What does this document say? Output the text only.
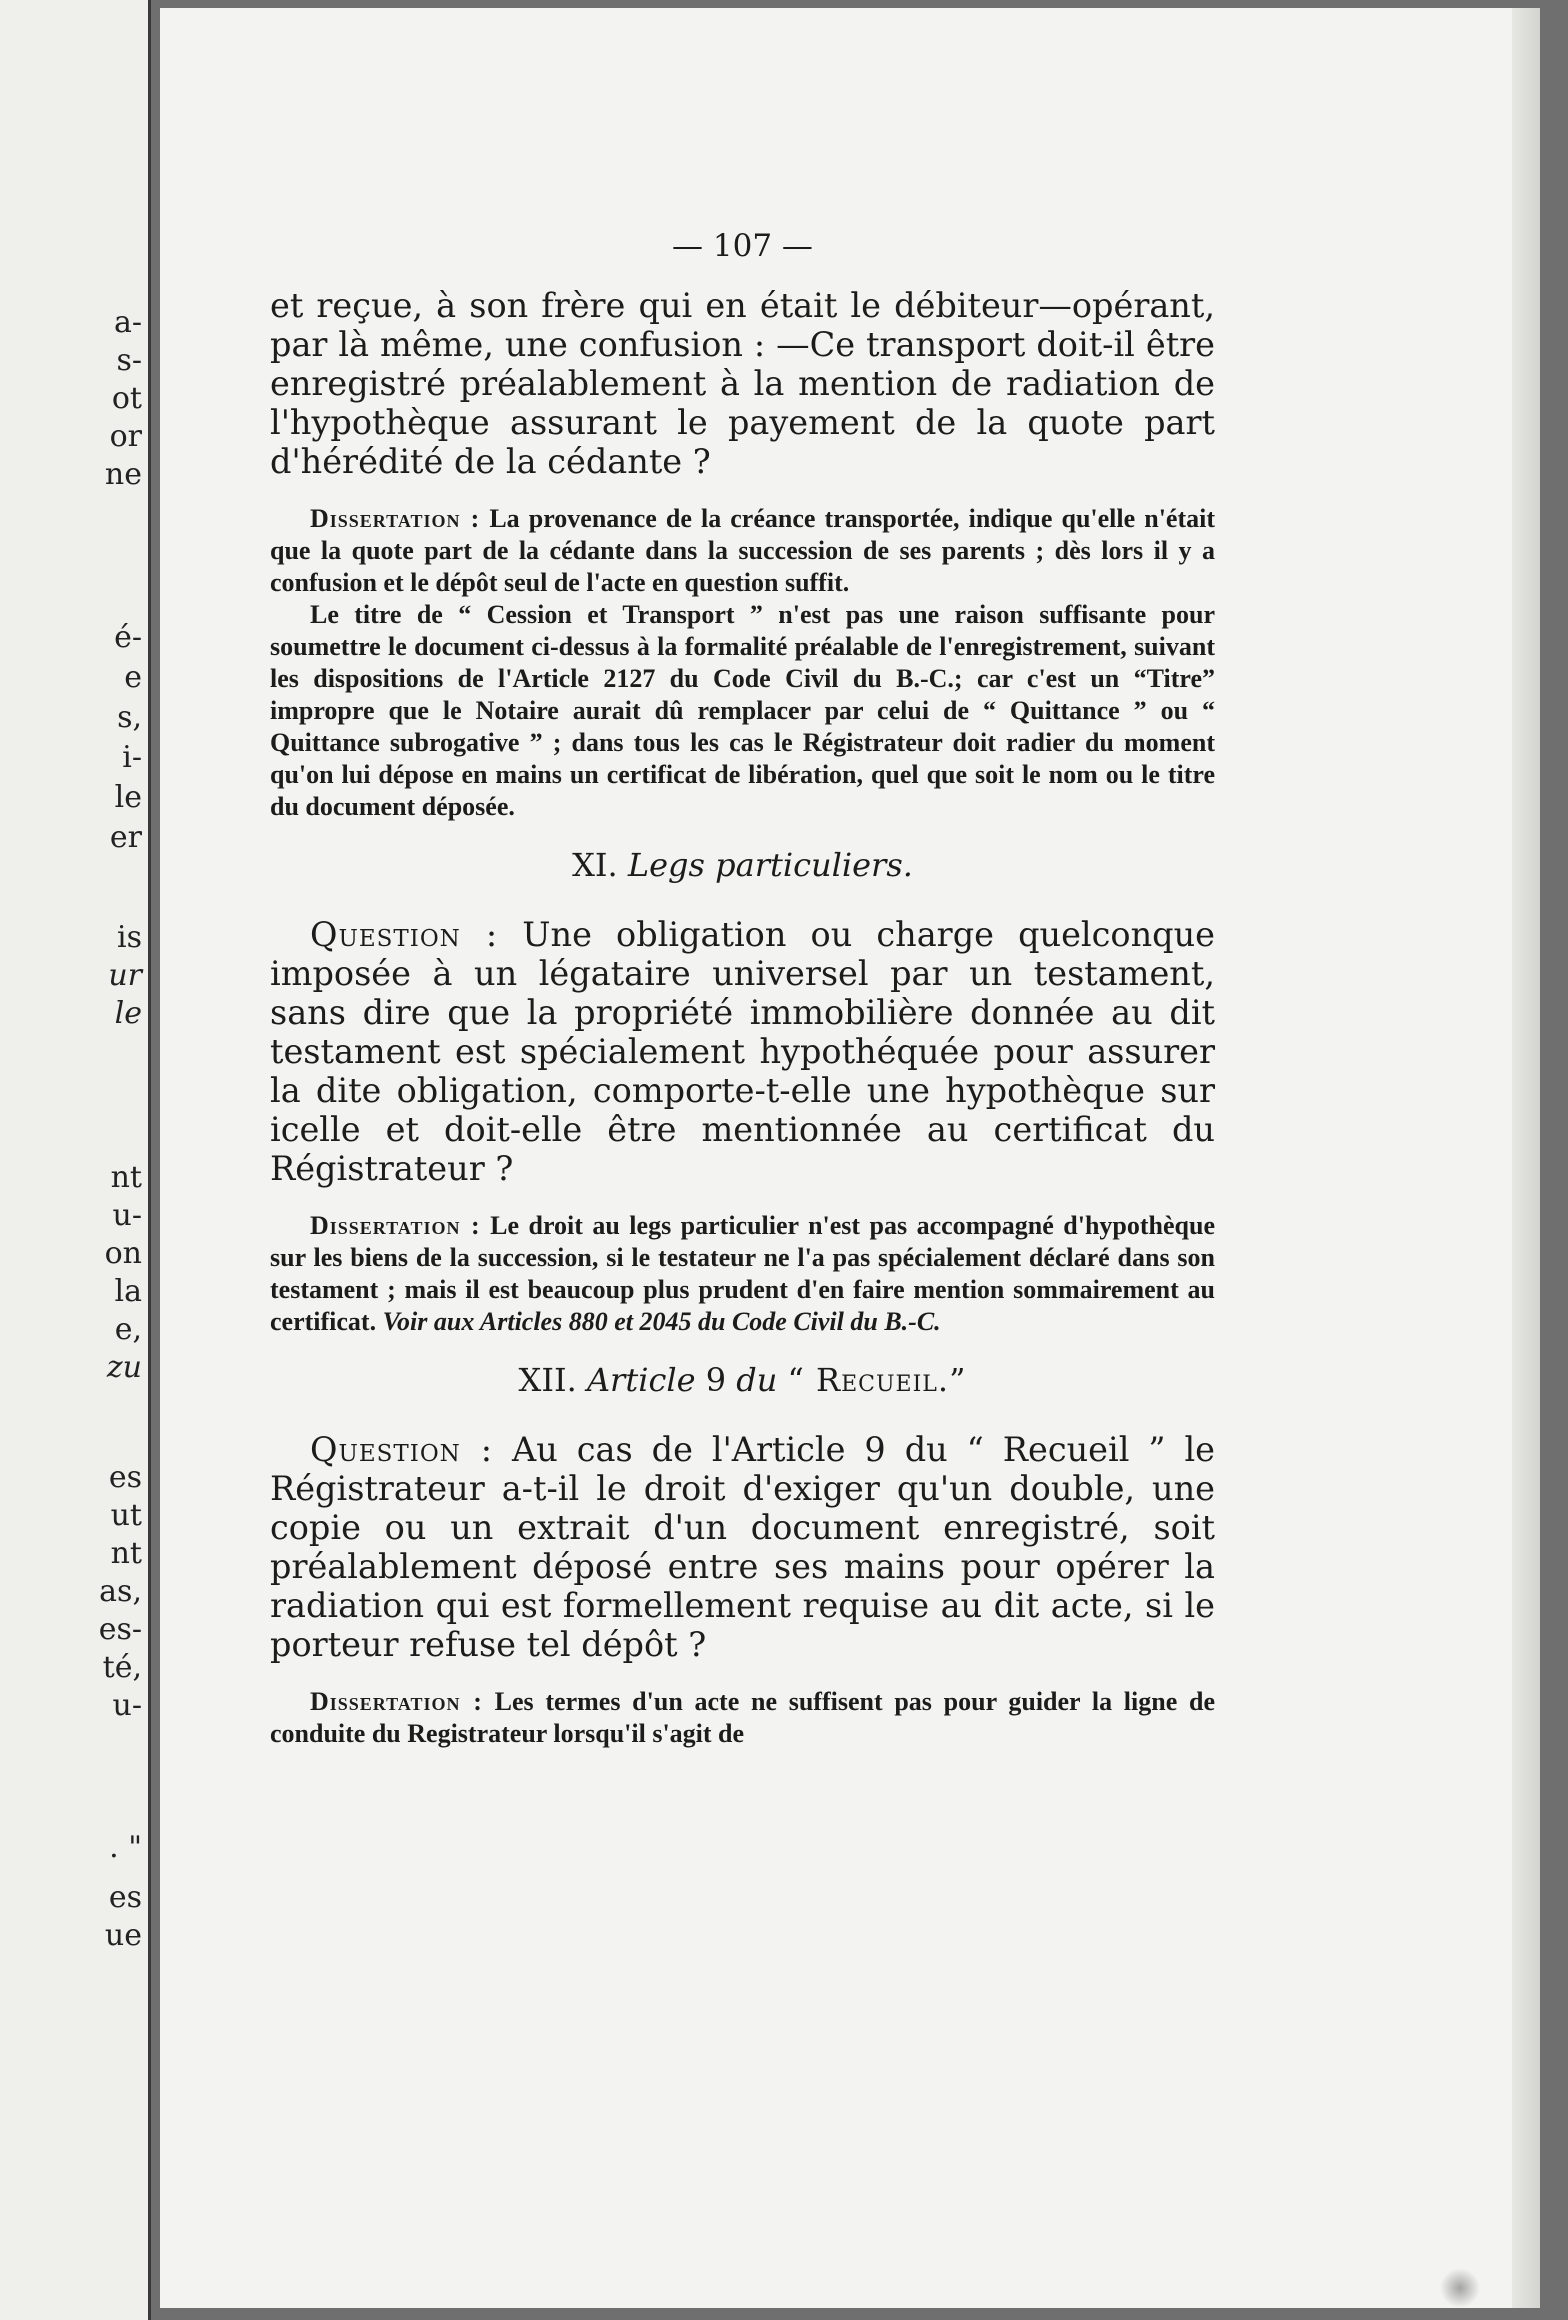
a-
s-
ot
or
ne
é-
e
s,
i-
le
er
is
ur
le
nt
u-
on
la
e,
zu
es
ut
nt
as,
es-
té,
u-
. "
es
ue
— 107 —

et reçue, à son frère qui en était le débiteur—opérant, par là même, une confusion : —Ce transport doit-il être enregistré préalablement à la mention de radiation de l'hypothèque assurant le payement de la quote part d'hérédité de la cédante ?

Dissertation : La provenance de la créance transportée, indique qu'elle n'était que la quote part de la cédante dans la succession de ses parents ; dès lors il y a confusion et le dépôt seul de l'acte en question suffit.

Le titre de “ Cession et Transport ” n'est pas une raison suffisante pour soumettre le document ci-dessus à la formalité préalable de l'enregistrement, suivant les dispositions de l'Article 2127 du Code Civil du B.-C.; car c'est un “Titre” impropre que le Notaire aurait dû remplacer par celui de “ Quittance ” ou “ Quittance subrogative ” ; dans tous les cas le Régistrateur doit radier du moment qu'on lui dépose en mains un certificat de libération, quel que soit le nom ou le titre du document déposée.

XI. Legs particuliers.

Question : Une obligation ou charge quelconque imposée à un légataire universel par un testament, sans dire que la propriété immobilière donnée au dit testament est spécialement hypothéquée pour assurer la dite obligation, comporte-t-elle une hypothèque sur icelle et doit-elle être mentionnée au certificat du Régistrateur ?

Dissertation : Le droit au legs particulier n'est pas accompagné d'hypothèque sur les biens de la succession, si le testateur ne l'a pas spécialement déclaré dans son testament ; mais il est beaucoup plus prudent d'en faire mention sommairement au certificat. Voir aux Articles 880 et 2045 du Code Civil du B.-C.

XII. Article 9 du “ Recueil.”

Question : Au cas de l'Article 9 du “ Recueil ” le Régistrateur a-t-il le droit d'exiger qu'un double, une copie ou un extrait d'un document enregistré, soit préalablement déposé entre ses mains pour opérer la radiation qui est formellement requise au dit acte, si le porteur refuse tel dépôt ?

Dissertation : Les termes d'un acte ne suffisent pas pour guider la ligne de conduite du Registrateur lorsqu'il s'agit de
